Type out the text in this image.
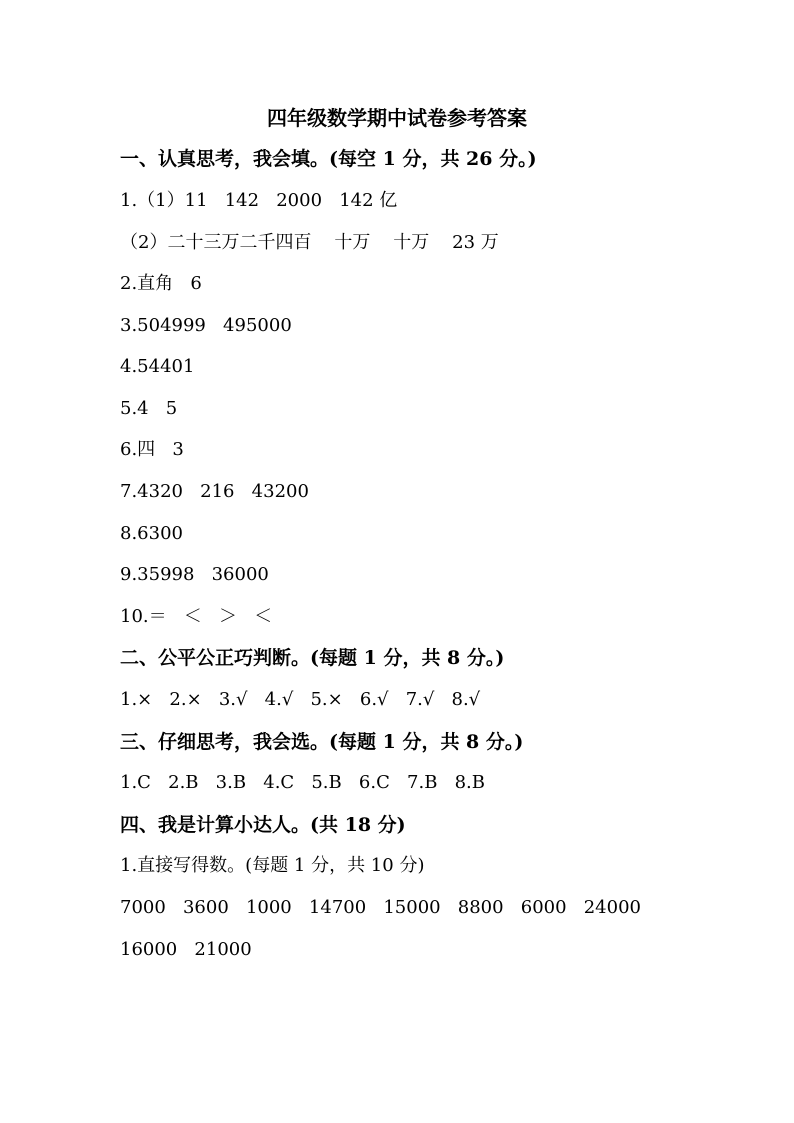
四年级数学期中试卷参考答案
一、认真思考，我会填。(每空 1 分，共 26 分。)
1.（1）11   142   2000   142 亿
（2）二十三万二千四百    十万    十万    23 万
2.直角   6
3.504999   495000
4.54401
5.4   5
6.四   3
7.4320   216   43200
8.6300
9.35998   36000
10.＝   ＜   ＞   ＜
二、公平公正巧判断。(每题 1 分，共 8 分。)
1.×   2.×   3.√   4.√   5.×   6.√   7.√   8.√
三、仔细思考，我会选。(每题 1 分，共 8 分。)
1.C   2.B   3.B   4.C   5.B   6.C   7.B   8.B
四、我是计算小达人。(共 18 分)
1.直接写得数。(每题 1 分，共 10 分)
7000   3600   1000   14700   15000   8800   6000   24000
16000   21000
